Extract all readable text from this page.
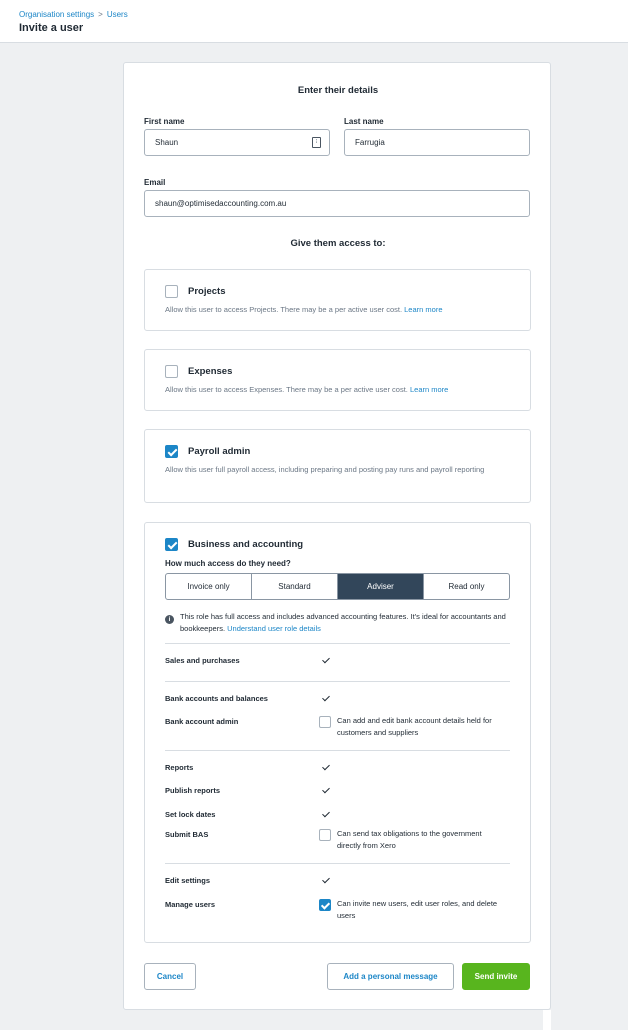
Organisation settings > Users
Invite a user
Enter their details
First name
Shaun	⁝
Last name
Farrugia
Email
shaun@optimisedaccounting.com.au
Give them access to:
Projects
Allow this user to access Projects. There may be a per active user cost. Learn more
Expenses
Allow this user to access Expenses. There may be a per active user cost. Learn more
Payroll admin
Allow this user full payroll access, including preparing and posting pay runs and payroll reporting
Business and accounting
How much access do they need?
Invoice only	Standard	Adviser	Read only
i	This role has full access and includes advanced accounting features. It's ideal for accountants and bookkeepers. Understand user role details
Sales and purchases
Bank accounts and balances
Bank account admin	Can add and edit bank account details held for customers and suppliers
Reports
Publish reports
Set lock dates
Submit BAS	Can send tax obligations to the government directly from Xero
Edit settings
Manage users	Can invite new users, edit user roles, and delete users
Cancel	Add a personal message	Send invite
